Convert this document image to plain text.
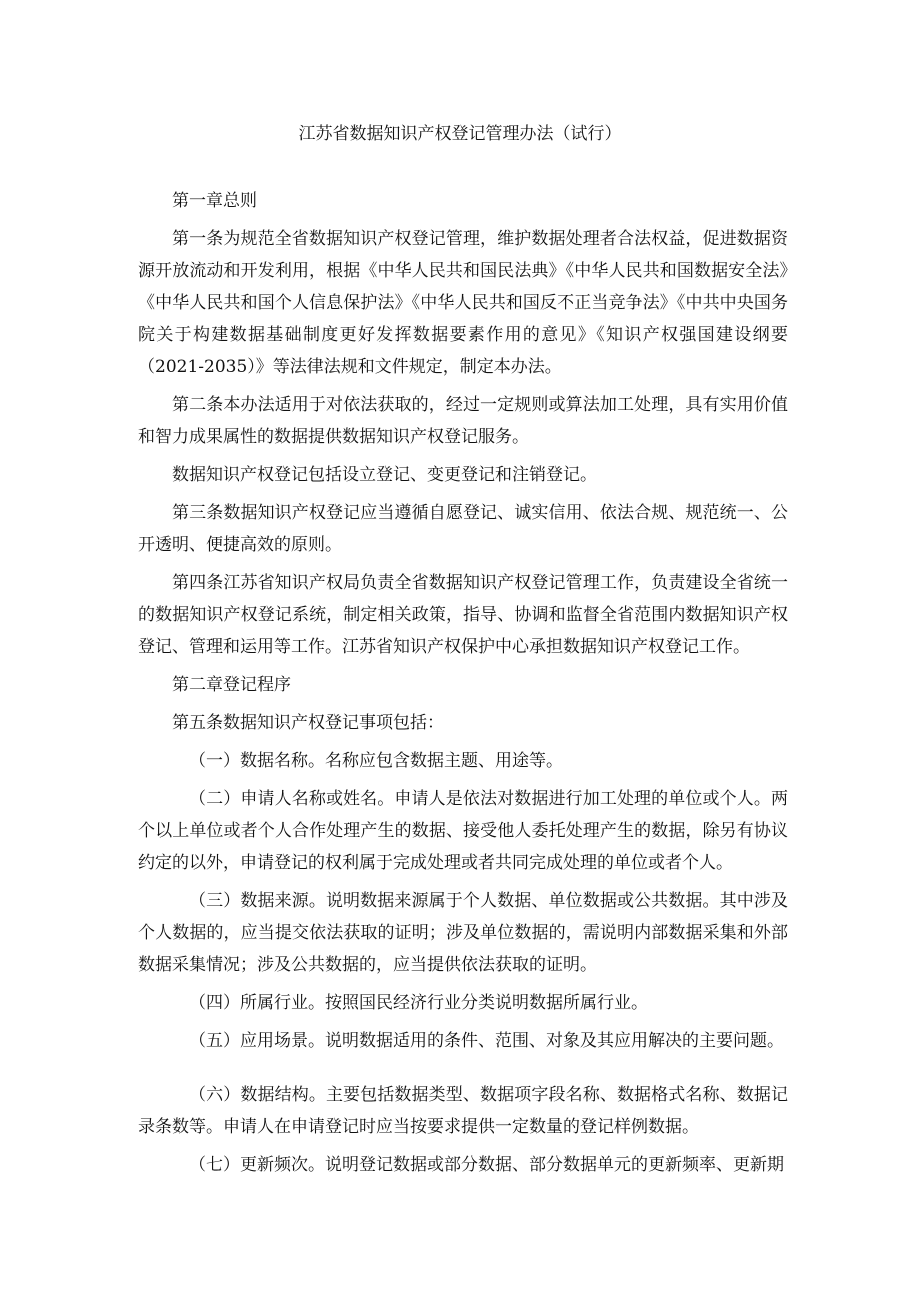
江苏省数据知识产权登记管理办法（试行）

第一章总则

第一条为规范全省数据知识产权登记管理，维护数据处理者合法权益，促进数据资源开放流动和开发利用，根据《中华人民共和国民法典》《中华人民共和国数据安全法》《中华人民共和国个人信息保护法》《中华人民共和国反不正当竞争法》《中共中央国务院关于构建数据基础制度更好发挥数据要素作用的意见》《知识产权强国建设纲要（2021-2035）》等法律法规和文件规定，制定本办法。

第二条本办法适用于对依法获取的，经过一定规则或算法加工处理，具有实用价值和智力成果属性的数据提供数据知识产权登记服务。

数据知识产权登记包括设立登记、变更登记和注销登记。

第三条数据知识产权登记应当遵循自愿登记、诚实信用、依法合规、规范统一、公开透明、便捷高效的原则。

第四条江苏省知识产权局负责全省数据知识产权登记管理工作，负责建设全省统一的数据知识产权登记系统，制定相关政策，指导、协调和监督全省范围内数据知识产权登记、管理和运用等工作。江苏省知识产权保护中心承担数据知识产权登记工作。

第二章登记程序

第五条数据知识产权登记事项包括：

（一）数据名称。名称应包含数据主题、用途等。

（二）申请人名称或姓名。申请人是依法对数据进行加工处理的单位或个人。两个以上单位或者个人合作处理产生的数据、接受他人委托处理产生的数据，除另有协议约定的以外，申请登记的权利属于完成处理或者共同完成处理的单位或者个人。

（三）数据来源。说明数据来源属于个人数据、单位数据或公共数据。其中涉及个人数据的，应当提交依法获取的证明；涉及单位数据的，需说明内部数据采集和外部数据采集情况；涉及公共数据的，应当提供依法获取的证明。

（四）所属行业。按照国民经济行业分类说明数据所属行业。

（五）应用场景。说明数据适用的条件、范围、对象及其应用解决的主要问题。

（六）数据结构。主要包括数据类型、数据项字段名称、数据格式名称、数据记录条数等。申请人在申请登记时应当按要求提供一定数量的登记样例数据。

（七）更新频次。说明登记数据或部分数据、部分数据单元的更新频率、更新期
